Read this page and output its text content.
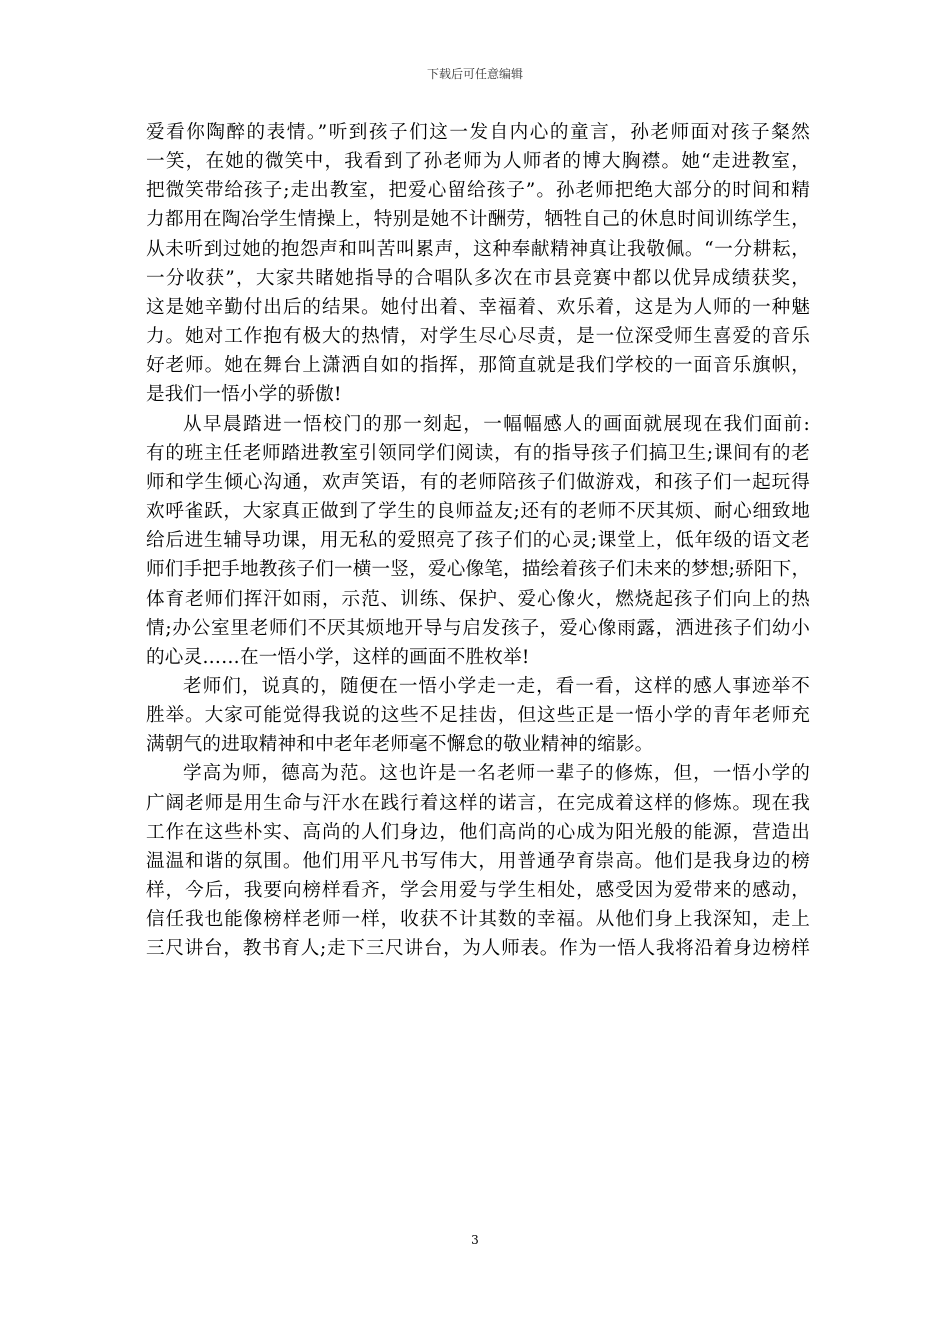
下载后可任意编辑
爱看你陶醉的表情。”听到孩子们这一发自内心的童言，孙老师面对孩子粲然
一笑，在她的微笑中，我看到了孙老师为人师者的博大胸襟。她“走进教室，
把微笑带给孩子;走出教室，把爱心留给孩子”。孙老师把绝大部分的时间和精
力都用在陶冶学生情操上，特别是她不计酬劳，牺牲自己的休息时间训练学生，
从未听到过她的抱怨声和叫苦叫累声，这种奉献精神真让我敬佩。“一分耕耘，
一分收获”，大家共睹她指导的合唱队多次在市县竞赛中都以优异成绩获奖，
这是她辛勤付出后的结果。她付出着、幸福着、欢乐着，这是为人师的一种魅
力。她对工作抱有极大的热情，对学生尽心尽责，是一位深受师生喜爱的音乐
好老师。她在舞台上潇洒自如的指挥，那简直就是我们学校的一面音乐旗帜，
是我们一悟小学的骄傲!
从早晨踏进一悟校门的那一刻起，一幅幅感人的画面就展现在我们面前:
有的班主任老师踏进教室引领同学们阅读，有的指导孩子们搞卫生;课间有的老
师和学生倾心沟通，欢声笑语，有的老师陪孩子们做游戏，和孩子们一起玩得
欢呼雀跃，大家真正做到了学生的良师益友;还有的老师不厌其烦、耐心细致地
给后进生辅导功课，用无私的爱照亮了孩子们的心灵;课堂上，低年级的语文老
师们手把手地教孩子们一横一竖，爱心像笔，描绘着孩子们未来的梦想;骄阳下，
体育老师们挥汗如雨，示范、训练、保护、爱心像火，燃烧起孩子们向上的热
情;办公室里老师们不厌其烦地开导与启发孩子，爱心像雨露，洒进孩子们幼小
的心灵……在一悟小学，这样的画面不胜枚举!
老师们，说真的，随便在一悟小学走一走，看一看，这样的感人事迹举不
胜举。大家可能觉得我说的这些不足挂齿，但这些正是一悟小学的青年老师充
满朝气的进取精神和中老年老师毫不懈怠的敬业精神的缩影。
学高为师，德高为范。这也许是一名老师一辈子的修炼，但，一悟小学的
广阔老师是用生命与汗水在践行着这样的诺言，在完成着这样的修炼。现在我
工作在这些朴实、高尚的人们身边，他们高尚的心成为阳光般的能源，营造出
温温和谐的氛围。他们用平凡书写伟大，用普通孕育崇高。他们是我身边的榜
样，今后，我要向榜样看齐，学会用爱与学生相处，感受因为爱带来的感动，
信任我也能像榜样老师一样，收获不计其数的幸福。从他们身上我深知，走上
三尺讲台，教书育人;走下三尺讲台，为人师表。作为一悟人我将沿着身边榜样
3
